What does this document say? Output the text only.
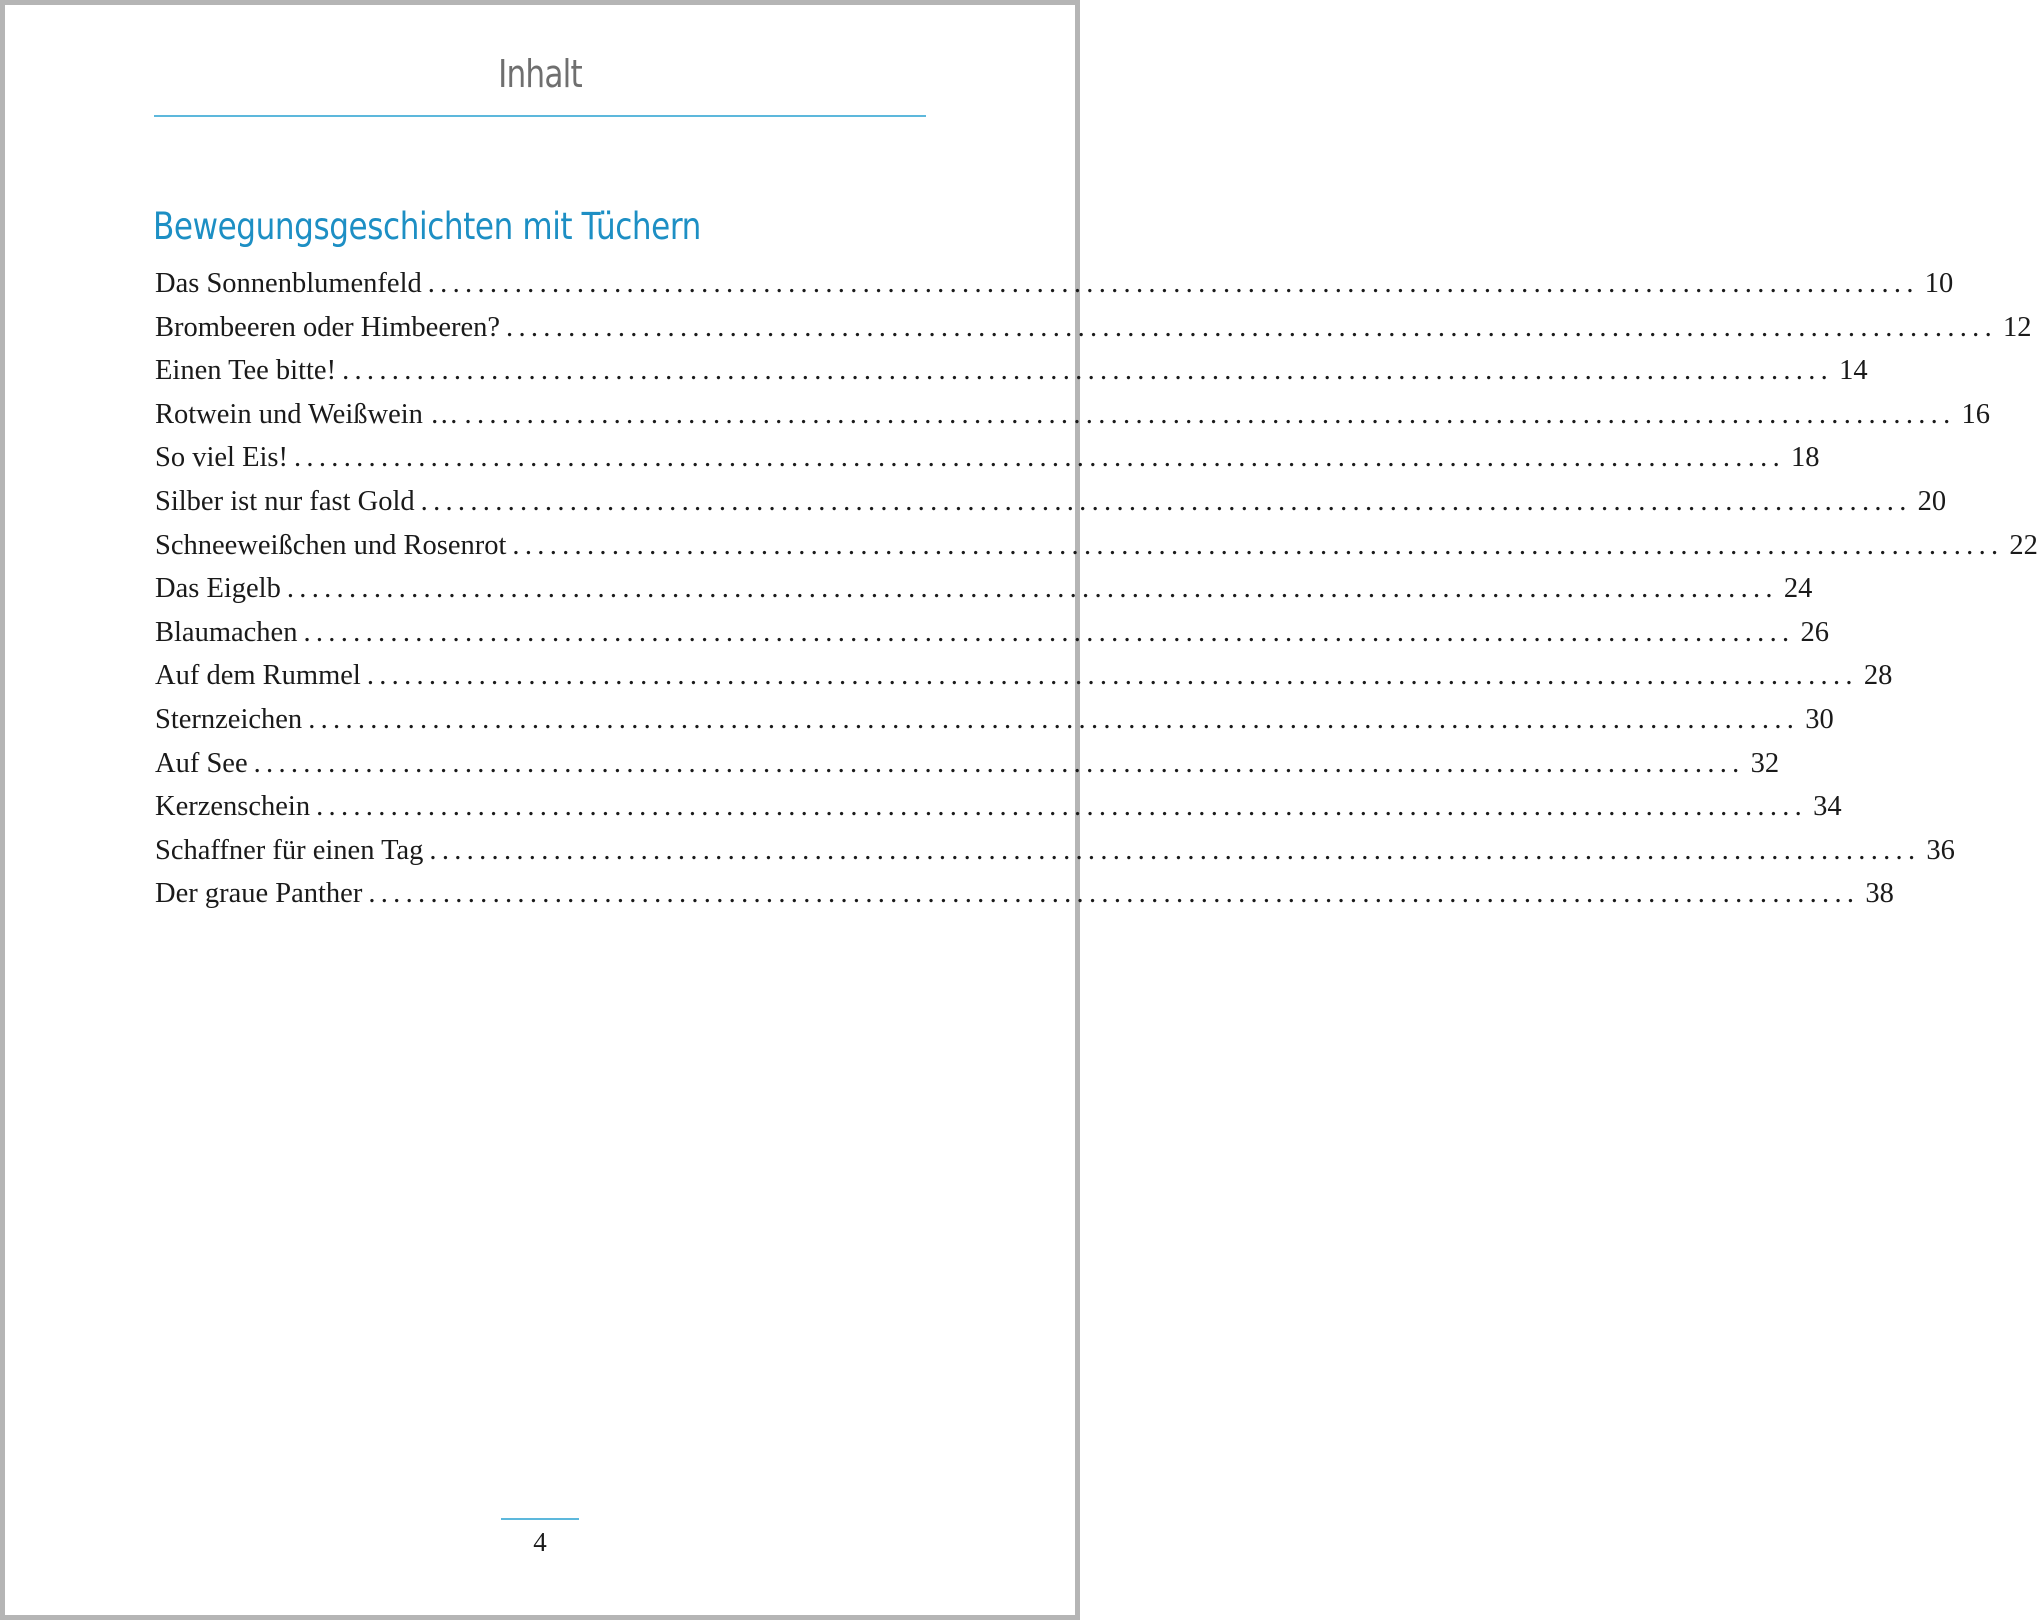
Inhalt
Bewegungsgeschichten mit Tüchern
Das Sonnenblumenfeld ........................................................................................................................ 10
Brombeeren oder Himbeeren? ........................................................................................................................ 12
Einen Tee bitte! ........................................................................................................................ 14
Rotwein und Weißwein … ........................................................................................................................ 16
So viel Eis! ........................................................................................................................ 18
Silber ist nur fast Gold ........................................................................................................................ 20
Schneeweißchen und Rosenrot ........................................................................................................................ 22
Das Eigelb ........................................................................................................................ 24
Blaumachen ........................................................................................................................ 26
Auf dem Rummel ........................................................................................................................ 28
Sternzeichen ........................................................................................................................ 30
Auf See ........................................................................................................................ 32
Kerzenschein ........................................................................................................................ 34
Schaffner für einen Tag ........................................................................................................................ 36
Der graue Panther ........................................................................................................................ 38
4
